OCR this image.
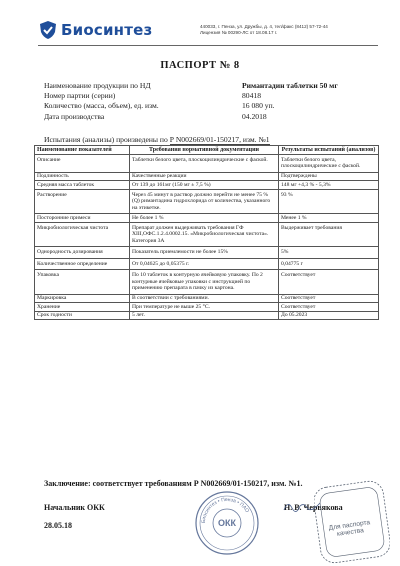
Биосинтез	440033, г. Пенза, ул. Дружбы, д. 4, тел/факс (8412) 57-72-44
Лицензия № 00290-ЛС от 18.08.17 г.
ПАСПОРТ № 8
Наименование продукции по НД	Римантадин таблетки 50 мг
Номер партии (серии)	80418
Количество (масса, объем), ед. изм.	16 080 уп.
Дата производства	04.2018
Испытания (анализы) произведены по Р N002669/01-150217, изм. №1
Наименование показателей	Требования нормативной документации	Результаты испытаний (анализов)
Описание	Таблетки белого цвета, плоскоцилиндрические с фаской.	Таблетки белого цвета, плоскоцилиндрические с фаской.
Подлинность	Качественные реакции	Подтверждены
Средняя масса таблеток	От 139 до 161мг (150 мг ± 7,5 %)	148 мг +4,3 % - 5,3%
Растворение	Через 45 минут в раствор должно перейти не менее 75 % (Q) римантадина гидрохлорида от количества, указанного на этикетке.	93 %
Посторонние примеси	Не более 1 %	Менее 1 %
Микробиологическая чистота	Препарат должен выдерживать требования ГФ XIII,ОФС.1.2.4.0002.15. «Микробиологическая чистота». Категория 3А	Выдерживает требования
Однородность дозирования	Показатель приемлемости не более 15%	5%
Количественное определение	От 0,04625 до 0,05375 г.	0,04775 г
Упаковка	По 10 таблеток в контурную ячейковую упаковку. По 2 контурные ячейковые упаковки с инструкцией по применению препарата в пачку из картона.	Соответствует
Маркировка	В соответствии с требованиями.	Соответствует
Хранение	При температуре не выше 25 °С.	Соответствует
Срок годности	5 лет.	До 05.2023
Заключение: соответствует требованиям Р N002669/01-150217, изм. №1.
Начальник ОКК	Н. В. Червякова
28.05.18	Биосинтез • Пенза • ПАО
ОКК	Для паспорта качества
